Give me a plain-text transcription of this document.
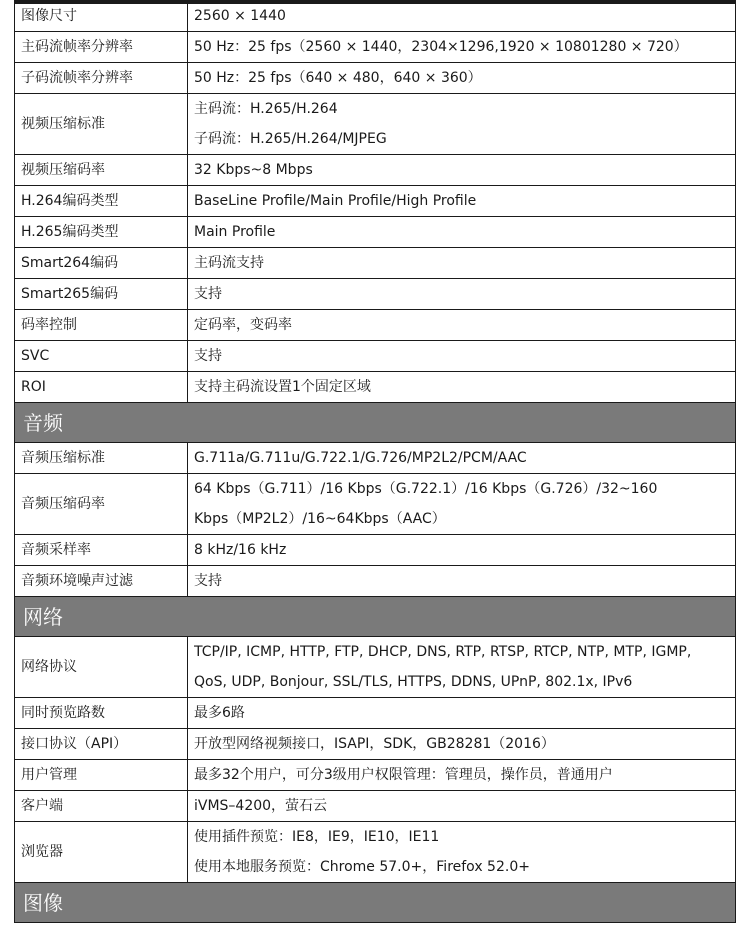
图像尺寸	2560 × 1440

主码流帧率分辨率	50 Hz：25 fps（2560 × 1440，2304×1296,1920 × 10801280 × 720）

子码流帧率分辨率	50 Hz：25 fps（640 × 480，640 × 360）

视频压缩标准	主码流：H.265/H.264
子码流：H.265/H.264/MJPEG

视频压缩码率	32 Kbps~8 Mbps

H.264编码类型	BaseLine Profile/Main Profile/High Profile

H.265编码类型	Main Profile

Smart264编码	主码流支持

Smart265编码	支持

码率控制	定码率，变码率

SVC	支持

ROI	支持主码流设置1个固定区域

音频	
音频压缩标准	G.711a/G.711u/G.722.1/G.726/MP2L2/PCM/AAC

音频压缩码率	64 Kbps（G.711）/16 Kbps（G.722.1）/16 Kbps（G.726）/32~160
Kbps（MP2L2）/16~64Kbps（AAC）

音频采样率	8 kHz/16 kHz

音频环境噪声过滤	支持

网络	
网络协议	TCP/IP, ICMP, HTTP, FTP, DHCP, DNS, RTP, RTSP, RTCP, NTP, MTP, IGMP,
QoS, UDP, Bonjour, SSL/TLS, HTTPS, DDNS, UPnP, 802.1x, IPv6

同时预览路数	最多6路

接口协议（API）	开放型网络视频接口，ISAPI，SDK，GB28281（2016）

用户管理	最多32个用户，可分3级用户权限管理：管理员，操作员，普通用户

客户端	iVMS–4200，萤石云

浏览器	使用插件预览：IE8，IE9，IE10，IE11
使用本地服务预览：Chrome 57.0+，Firefox 52.0+

图像	
